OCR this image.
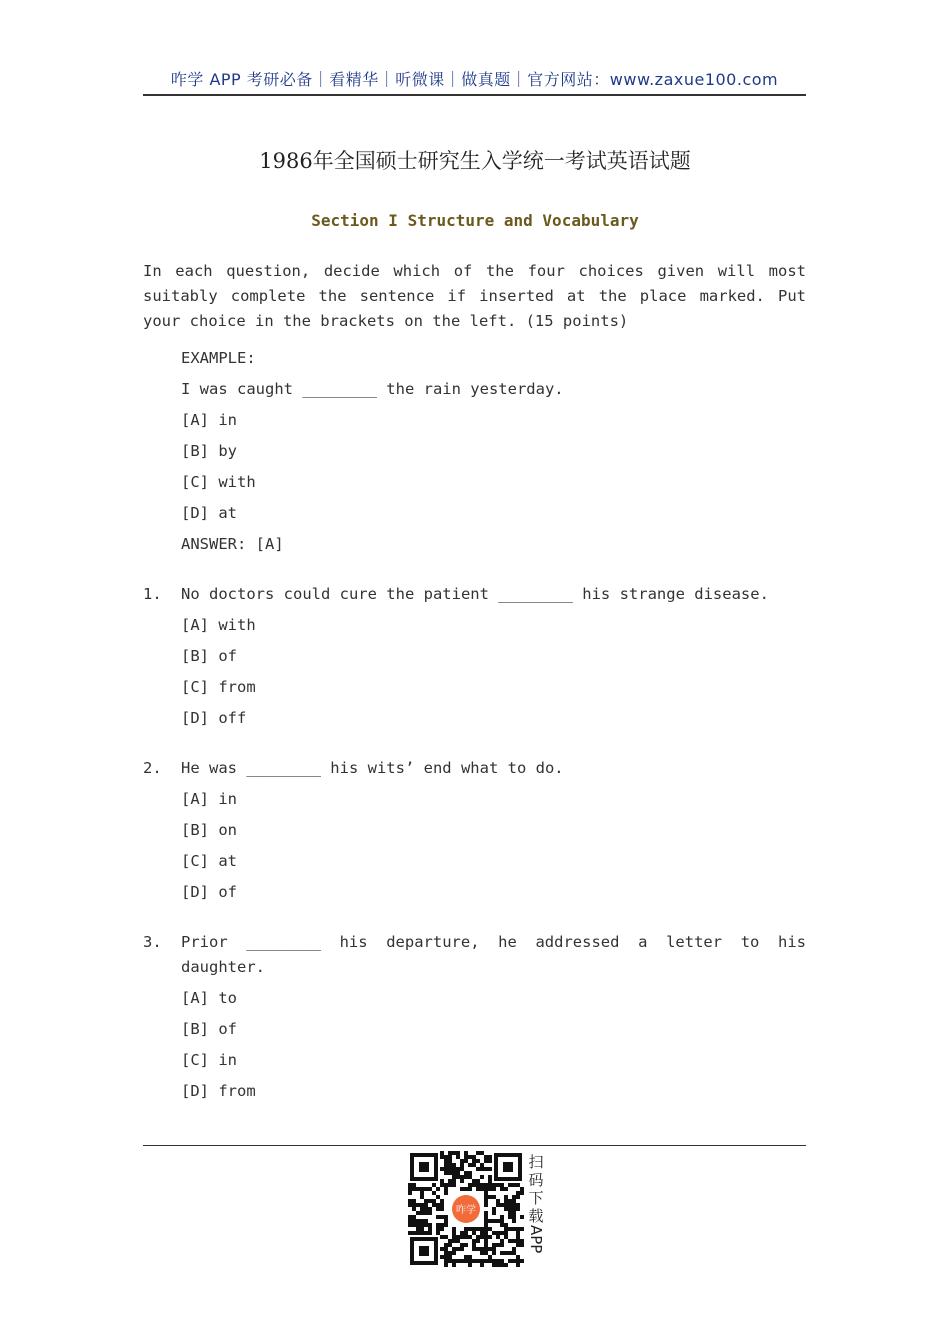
咋学 APP 考研必备｜看精华｜听微课｜做真题｜官方网站：www.zaxue100.com
1986年全国硕士研究生入学统一考试英语试题
Section I Structure and Vocabulary
In each question, decide which of the four choices given will most suitably complete the sentence if inserted at the place marked. Put your choice in the brackets on the left. (15 points)
EXAMPLE:
I was caught ________ the rain yesterday.
[A] in
[B] by
[C] with
[D] at
ANSWER: [A]
1. No doctors could cure the patient ________ his strange disease.
[A] with
[B] of
[C] from
[D] off
2. He was ________ his wits’ end what to do.
[A] in
[B] on
[C] at
[D] of
3. Prior ________ his departure, he addressed a letter to his daughter.
[A] to
[B] of
[C] in
[D] from
咋学
扫
码
下
载
APP
